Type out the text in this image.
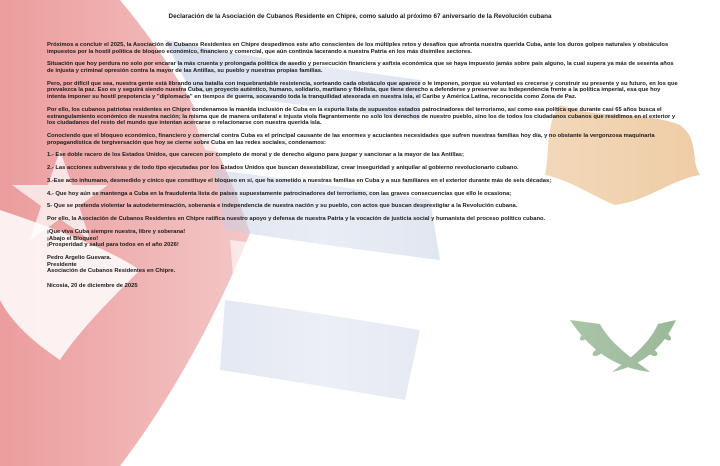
Declaración de la Asociación de Cubanos Residente en Chipre, como saludo al próximo 67 aniversario de la Revolución cubana

Próximos a concluir el 2025, la Asociación de Cubanos Residentes en Chipre despedimos este año conscientes de los múltiples retos y desafíos que afronta nuestra querida Cuba, ante los duros golpes naturales y obstáculos impuestos por la hostil política de bloqueo económico, financiero y comercial, que aún continúa lacerando a nuestra Patria en los más disímiles sectores.

Situación que hoy perdura no solo por encarar la más cruenta y prolongada política de asedio y persecución financiera y asfixia económica que se haya impuesto jamás sobre país alguno, la cual supera ya más de sesenta años de injusta y criminal opresión contra la mayor de las Antillas, su pueblo y nuestras propias familias.

Pero, por difícil que sea, nuestra gente está librando una batalla con inquebrantable resistencia, sorteando cada obstáculo que aparece o le imponen, porque su voluntad es crecerse y construir su presente y su futuro, en los que prevalezca la paz. Eso es y seguirá siendo nuestra Cuba, un proyecto auténtico, humano, solidario, martiano y fidelista, que tiene derecho a defenderse y preservar su independencia frente a la política imperial, esa que hoy intenta imponer su hostil prepotencia y "diplomacia" en tiempos de guerra, socavando toda la tranquilidad atesorada en nuestra isla, el Caribe y América Latina, reconocida como Zona de Paz.

Por ello, los cubanos patriotas residentes en Chipre condenamos la manida inclusión de Cuba en la espuria lista de supuestos estados patrocinadores del terrorismo, así como esa política que durante casi 65 años busca el estrangulamiento económico de nuestra nación; la misma que de manera unilateral e injusta viola flagrantemente no solo los derechos de nuestro pueblo, sino los de todos los ciudadanos cubanos que residimos en el exterior y los ciudadanos del resto del mundo que intentan acercarse o relacionarse con nuestra querida isla.

Conociendo que el bloqueo económico, financiero y comercial contra Cuba es el principal causante de las enormes y acuciantes necesidades que sufren nuestras familias hoy día, y no obstante la vergonzosa maquinaria propagandística de tergiversación que hoy se cierne sobre Cuba en las redes sociales, condenamos:

1.- Ese doble racero de los Estados Unidos, que carecen por completo de moral y de derecho alguno para juzgar y sancionar a la mayor de las Antillas;

2.- Las acciones subversivas y de todo tipo ejecutadas por los Estados Unidos que buscan desestabilizar, crear inseguridad y aniquilar al gobierno revolucionario cubano.

3.-Ese acto inhumano, desmedido y cínico que constituye el bloqueo en sí, que ha sometido a nuestras familias en Cuba y a sus familiares en el exterior durante más de seis décadas;

4.- Que hoy aún se mantenga a Cuba en la fraudulenta lista de países supuestamente patrocinadores del terrorismo, con las graves consecuencias que ello le ocasiona;

5- Que se pretenda violentar la autodeterminación, soberanía e independencia de nuestra nación y su pueblo, con actos que buscan desprestigiar a la Revolución cubana.

Por ello, la Asociación de Cubanos Residentes en Chipre ratifica nuestro apoyo y defensa de nuestra Patria y la vocación de justicia social y humanista del proceso político cubano.

¡Que viva Cuba siempre nuestra, libre y soberana!
¡Abajo el Bloqueo!
¡Prosperidad y salud para todos en el año 2026!

Pedro Argelio Guevara.
Presidente
Asociación de Cubanos Residentes en Chipre.

Nicosia, 20 de diciembre de 2025
